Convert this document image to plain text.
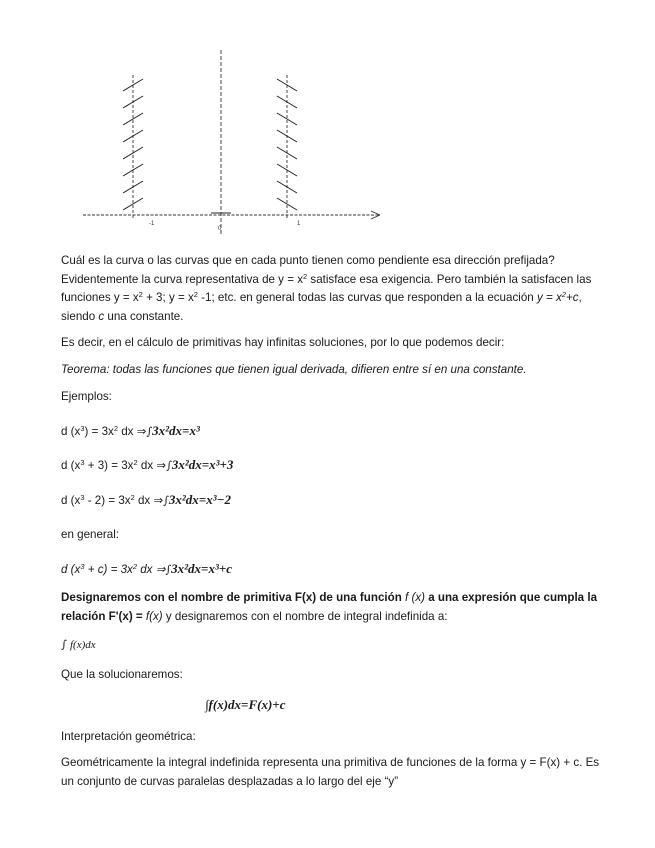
0
-1	1
Cuál es la curva o las curvas que en cada punto tienen como pendiente esa dirección prefijada? Evidentemente la curva representativa de $y = x^2$ satisface esa exigencia. Pero también la satisfacen las funciones $y = x^2 + 3$; $y = x^2$ -1; etc. en general todas las curvas que responden a la ecuación $y = x^2+c$, siendo c una constante.
Es decir, en el cálculo de primitivas hay infinitas soluciones, por lo que podemos decir:
Teorema: todas las funciones que tienen igual derivada, difieren entre sí en una constante.
Ejemplos:
d $(x^3) = 3x^2$ dx ⇒∫3x²dx=x³
d $(x^3 + 3) = 3x^2$ dx ⇒∫3x²dx=x³+3
d $(x^3 - 2) = 3x^2$ dx ⇒∫3x²dx=x³−2
en general:
d $(x^3 + c) = 3x^2$ dx ⇒∫3x²dx=x³+c
Designaremos con el nombre de primitiva F(x) de una función f (x) a una expresión que cumpla la relación F'(x) = f(x) y designaremos con el nombre de integral indefinida a:
∫ f(x)dx
Que la solucionaremos:
∫f(x)dx=F(x)+c
Interpretación geométrica:
Geométricamente la integral indefinida representa una primitiva de funciones de la forma y = F(x) + c. Es un conjunto de curvas paralelas desplazadas a lo largo del eje “y”
